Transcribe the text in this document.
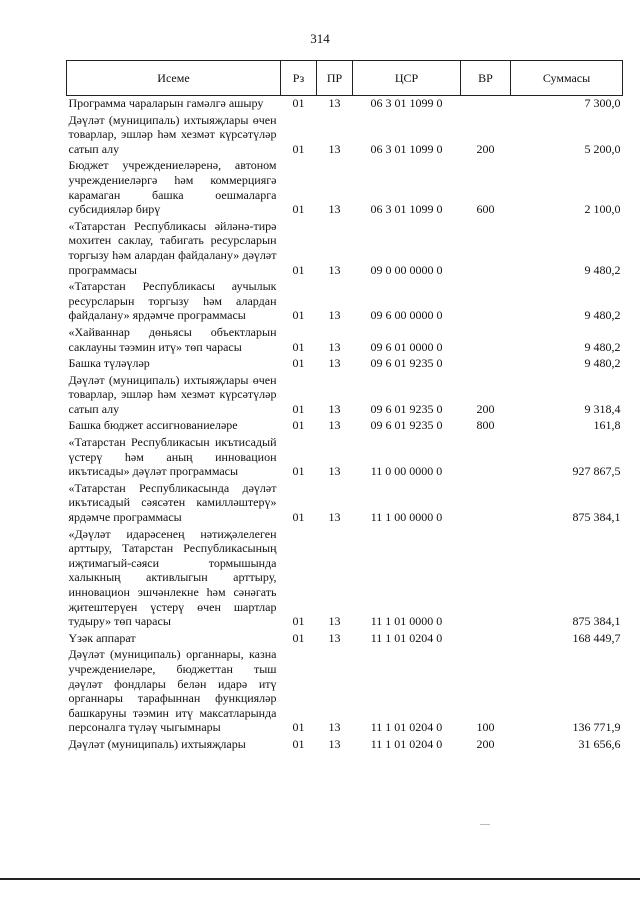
314
Исеме	Рз	ПР	ЦСР	ВР	Суммасы
Программа чараларын гамәлгә ашыру	01	13	06 3 01 1099 0		7 300,0
Дәүләт (муниципаль) ихтыяҗлары өчен товарлар, эшләр һәм хезмәт күрсәтүләр сатып алу	01	13	06 3 01 1099 0	200	5 200,0
Бюджет учреждениеләренә, автоном учреждениеләргә һәм коммерциягә карамаган башка оешмаларга субсидияләр бирү	01	13	06 3 01 1099 0	600	2 100,0
«Татарстан Республикасы әйләнә-тирә мохитен саклау, табигать ресурсларын торгызу һәм алардан файдалану» дәүләт программасы	01	13	09 0 00 0000 0		9 480,2
«Татарстан Республикасы аучылык ресурсларын торгызу һәм алардан файдалану» ярдәмче программасы	01	13	09 6 00 0000 0		9 480,2
«Хайваннар дөньясы объектларын саклауны тәэмин итү» төп чарасы	01	13	09 6 01 0000 0		9 480,2
Башка түләүләр	01	13	09 6 01 9235 0		9 480,2
Дәүләт (муниципаль) ихтыяҗлары өчен товарлар, эшләр һәм хезмәт күрсәтүләр сатып алу	01	13	09 6 01 9235 0	200	9 318,4
Башка бюджет ассигнованиеләре	01	13	09 6 01 9235 0	800	161,8
«Татарстан Республикасын икътисадый үстерү һәм аның инновацион икътисады» дәүләт программасы	01	13	11 0 00 0000 0		927 867,5
«Татарстан Республикасында дәүләт икътисадый сәясәтен камилләштерү» ярдәмче программасы	01	13	11 1 00 0000 0		875 384,1
«Дәүләт идарәсенең нәтиҗәлелеген арттыру, Татарстан Республикасының иҗтимагый-сәяси тормышында халыкның активлыгын арттыру, инновацион эшчәнлекне һәм сәнәгать җитештерүен үстерү өчен шартлар тудыру» төп чарасы	01	13	11 1 01 0000 0		875 384,1
Үзәк аппарат	01	13	11 1 01 0204 0		168 449,7
Дәүләт (муниципаль) органнары, казна учреждениеләре, бюджеттан тыш дәүләт фондлары белән идарә итү органнары тарафыннан функцияләр башкаруны тәэмин итү максатларында персоналга түләү чыгымнары	01	13	11 1 01 0204 0	100	136 771,9
Дәүләт (муниципаль) ихтыяҗлары	01	13	11 1 01 0204 0	200	31 656,6
